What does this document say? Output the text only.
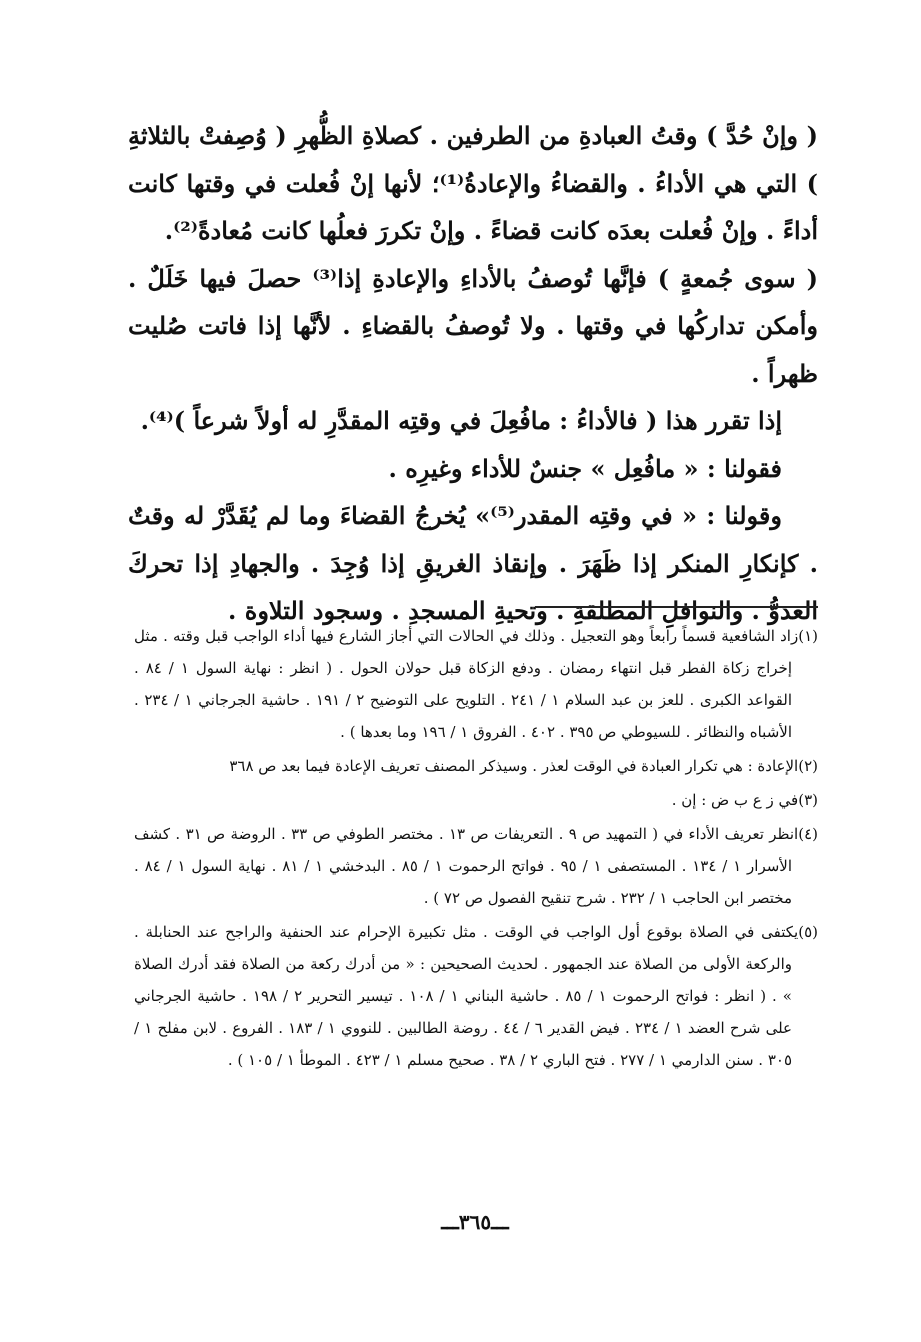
( وإنْ حُدَّ ) وقتُ العبادةِ من الطرفين . كصلاةِ الظُّهرِ ( وُصِفتْ بالثلاثةِ ) التي هي الأداءُ . والقضاءُ والإعادةُ⁽¹⁾؛ لأنها إنْ فُعلت في وقتها كانت أداءً . وإنْ فُعلت بعدَه كانت قضاءً . وإنْ تكررَ فعلُها كانت مُعادةً⁽²⁾.

( سوى جُمعةٍ ) فإنَّها تُوصفُ بالأداءِ والإعادةِ إذا⁽³⁾ حصلَ فيها خَلَلٌ . وأمكن تداركُها في وقتها . ولا تُوصفُ بالقضاءِ . لأنَّها إذا فاتت صُليت ظهراً .

إذا تقرر هذا ( فالأداءُ : مافُعِلَ في وقتِه المقدَّرِ له أولاً شرعاً )⁽⁴⁾.

فقولنا : « مافُعِل » جنسٌ للأداء وغيرِه .

وقولنا : « في وقتِه المقدر⁽⁵⁾» يُخرجُ القضاءَ وما لم يُقَدَّرْ له وقتٌ . كإنكارِ المنكر إذا ظَهَرَ . وإنقاذ الغريقِ إذا وُجِدَ . والجهادِ إذا تحركَ العدوُّ . والنوافلِ المطلقةِ . وتحيةِ المسجدِ . وسجود التلاوة .

(١)زاد الشافعية قسماً رابعاً وهو التعجيل . وذلك في الحالات التي أجاز الشارع فيها أداء الواجب قبل وقته . مثل إخراج زكاة الفطر قبل انتهاء رمضان . ودفع الزكاة قبل حولان الحول . ( انظر : نهاية السول ١ / ٨٤ . القواعد الكبرى . للعز بن عبد السلام ١ / ٢٤١ . التلويح على التوضيح ٢ / ١٩١ . حاشية الجرجاني ١ / ٢٣٤ . الأشباه والنظائر . للسيوطي ص ٣٩٥ . ٤٠٢ . الفروق ١ / ١٩٦ وما بعدها ) .
(٢)الإعادة : هي تكرار العبادة في الوقت لعذر . وسيذكر المصنف تعريف الإعادة فيما بعد ص ٣٦٨
(٣)في ز ع ب ض : إن .
(٤)انظر تعريف الأداء في ( التمهيد ص ٩ . التعريفات ص ١٣ . مختصر الطوفي ص ٣٣ . الروضة ص ٣١ . كشف الأسرار ١ / ١٣٤ . المستصفى ١ / ٩٥ . فواتح الرحموت ١ / ٨٥ . البدخشي ١ / ٨١ . نهاية السول ١ / ٨٤ . مختصر ابن الحاجب ١ / ٢٣٢ . شرح تنقيح الفصول ص ٧٢ ) .
(٥)يكتفى في الصلاة بوقوع أول الواجب في الوقت . مثل تكبيرة الإحرام عند الحنفية والراجح عند الحنابلة . والركعة الأولى من الصلاة عند الجمهور . لحديث الصحيحين : « من أدرك ركعة من الصلاة فقد أدرك الصلاة » . ( انظر : فواتح الرحموت ١ / ٨٥ . حاشية البناني ١ / ١٠٨ . تيسير التحرير ٢ / ١٩٨ . حاشية الجرجاني على شرح العضد ١ / ٢٣٤ . فيض القدير ٦ / ٤٤ . روضة الطالبين . للنووي ١ / ١٨٣ . الفروع . لابن مفلح ١ / ٣٠٥ . سنن الدارمي ١ / ٢٧٧ . فتح الباري ٢ / ٣٨ . صحيح مسلم ١ / ٤٢٣ . الموطأ ١ / ١٠٥ ) .
ـــ٣٦٥ـــ
